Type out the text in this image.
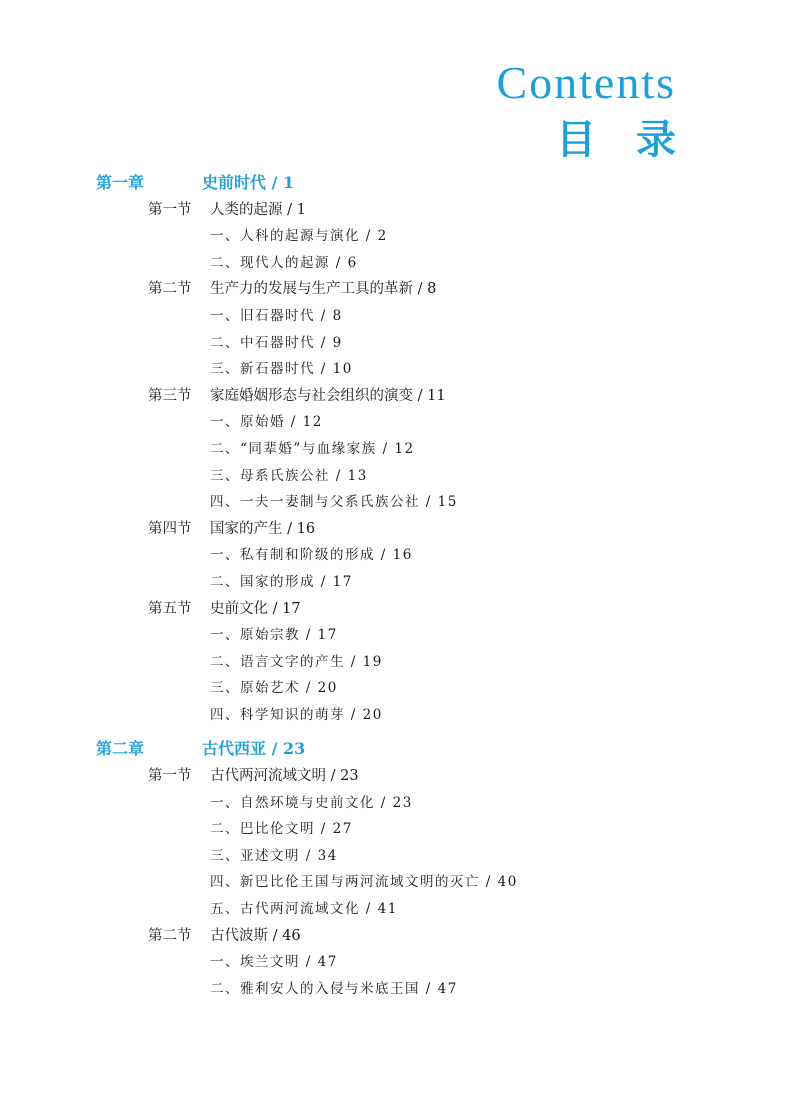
Contents
目录
第一章	史前时代 / 1
第一节 人类的起源 / 1
一、人科的起源与演化 / 2
二、现代人的起源 / 6
第二节 生产力的发展与生产工具的革新 / 8
一、旧石器时代 / 8
二、中石器时代 / 9
三、新石器时代 / 10
第三节 家庭婚姻形态与社会组织的演变 / 11
一、原始婚 / 12
二、“同辈婚”与血缘家族 / 12
三、母系氏族公社 / 13
四、一夫一妻制与父系氏族公社 / 15
第四节 国家的产生 / 16
一、私有制和阶级的形成 / 16
二、国家的形成 / 17
第五节 史前文化 / 17
一、原始宗教 / 17
二、语言文字的产生 / 19
三、原始艺术 / 20
四、科学知识的萌芽 / 20
第二章	古代西亚 / 23
第一节 古代两河流域文明 / 23
一、自然环境与史前文化 / 23
二、巴比伦文明 / 27
三、亚述文明 / 34
四、新巴比伦王国与两河流域文明的灭亡 / 40
五、古代两河流域文化 / 41
第二节 古代波斯 / 46
一、埃兰文明 / 47
二、雅利安人的入侵与米底王国 / 47
